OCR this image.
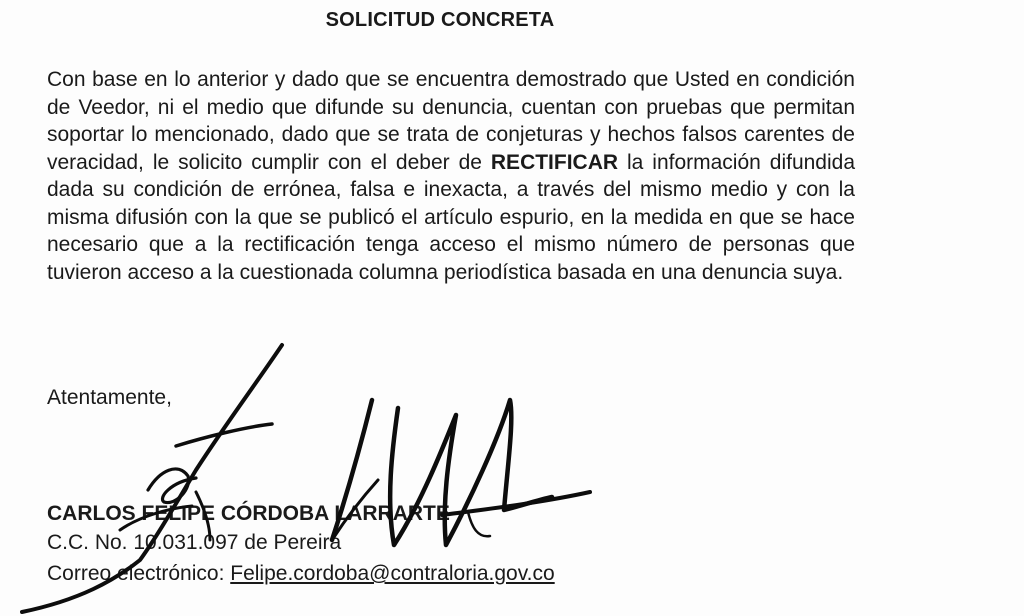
SOLICITUD CONCRETA

Con base en lo anterior y dado que se encuentra demostrado que Usted en condición de Veedor, ni el medio que difunde su denuncia, cuentan con pruebas que permitan soportar lo mencionado, dado que se trata de conjeturas y hechos falsos carentes de veracidad, le solicito cumplir con el deber de RECTIFICAR la información difundida dada su condición de errónea, falsa e inexacta, a través del mismo medio y con la misma difusión con la que se publicó el artículo espurio, en la medida en que se hace necesario que a la rectificación tenga acceso el mismo número de personas que tuvieron acceso a la cuestionada columna periodística basada en una denuncia suya.

Atentamente,
CARLOS FELIPE CÓRDOBA LARRARTE
C.C. No. 10.031.097 de Pereira
Correo electrónico: Felipe.cordoba@contraloria.gov.co
